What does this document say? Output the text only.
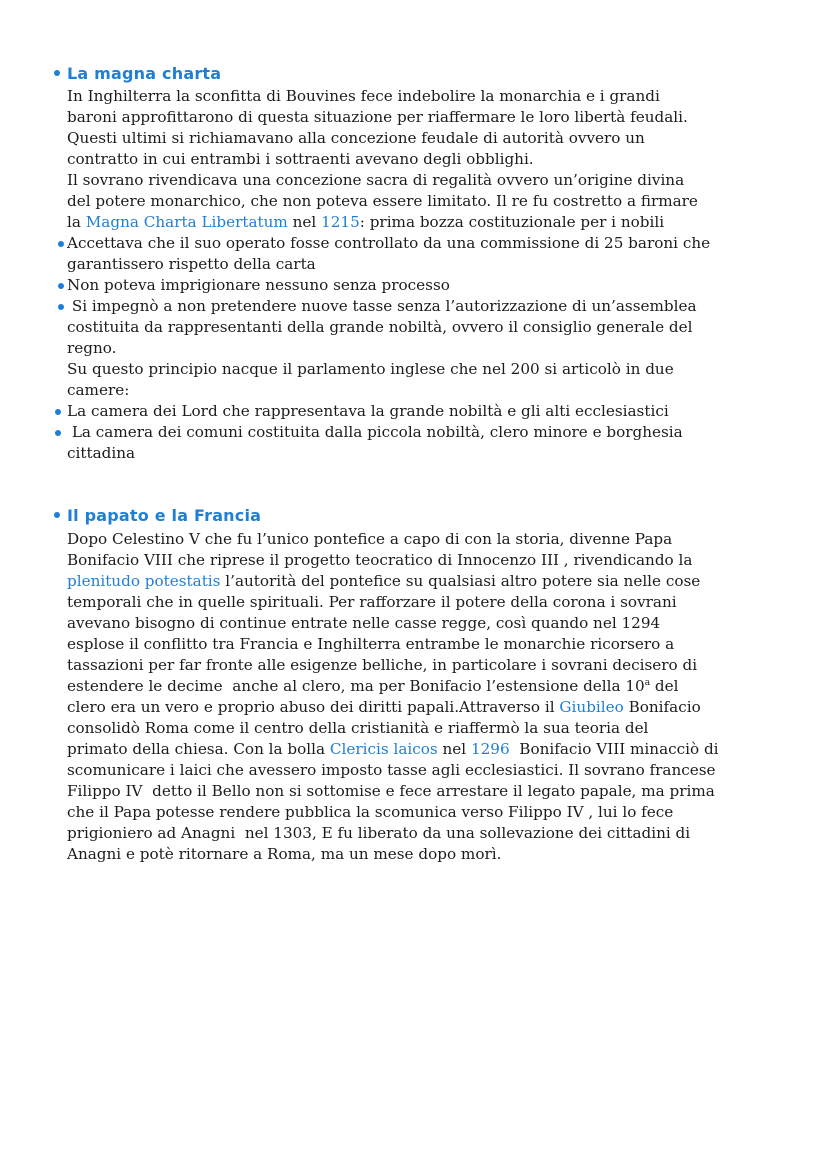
La magna charta
In Inghilterra la sconfitta di Bouvines fece indebolire la monarchia e i grandi
baroni approfittarono di questa situazione per riaffermare le loro libertà feudali.
Questi ultimi si richiamavano alla concezione feudale di autorità ovvero un
contratto in cui entrambi i sottraenti avevano degli obblighi.
Il sovrano rivendicava una concezione sacra di regalità ovvero un’origine divina
del potere monarchico, che non poteva essere limitato. Il re fu costretto a firmare
la Magna Charta Libertatum nel 1215: prima bozza costituzionale per i nobili
Accettava che il suo operato fosse controllato da una commissione di 25 baroni che
garantissero rispetto della carta
Non poteva imprigionare nessuno senza processo
Si impegnò a non pretendere nuove tasse senza l’autorizzazione di un’assemblea
costituita da rappresentanti della grande nobiltà, ovvero il consiglio generale del
regno.
Su questo principio nacque il parlamento inglese che nel 200 si articolò in due
camere:
La camera dei Lord che rappresentava la grande nobiltà e gli alti ecclesiastici
La camera dei comuni costituita dalla piccola nobiltà, clero minore e borghesia
cittadina
Il papato e la Francia
Dopo Celestino V che fu l’unico pontefice a capo di con la storia, divenne Papa
Bonifacio VIII che riprese il progetto teocratico di Innocenzo III , rivendicando la
plenitudo potestatis l’autorità del pontefice su qualsiasi altro potere sia nelle cose
temporali che in quelle spirituali. Per rafforzare il potere della corona i sovrani
avevano bisogno di continue entrate nelle casse regge, così quando nel 1294
esplose il conflitto tra Francia e Inghilterra entrambe le monarchie ricorsero a
tassazioni per far fronte alle esigenze belliche, in particolare i sovrani decisero di
estendere le decime  anche al clero, ma per Bonifacio l’estensione della 10$^a$ del
clero era un vero e proprio abuso dei diritti papali.Attraverso il Giubileo Bonifacio
consolidò Roma come il centro della cristianità e riaffermò la sua teoria del
primato della chiesa. Con la bolla Clericis laicos nel 1296  Bonifacio VIII minacciò di
scomunicare i laici che avessero imposto tasse agli ecclesiastici. Il sovrano francese
Filippo IV  detto il Bello non si sottomise e fece arrestare il legato papale, ma prima
che il Papa potesse rendere pubblica la scomunica verso Filippo IV , lui lo fece
prigioniero ad Anagni  nel 1303, E fu liberato da una sollevazione dei cittadini di
Anagni e potè ritornare a Roma, ma un mese dopo morì.
